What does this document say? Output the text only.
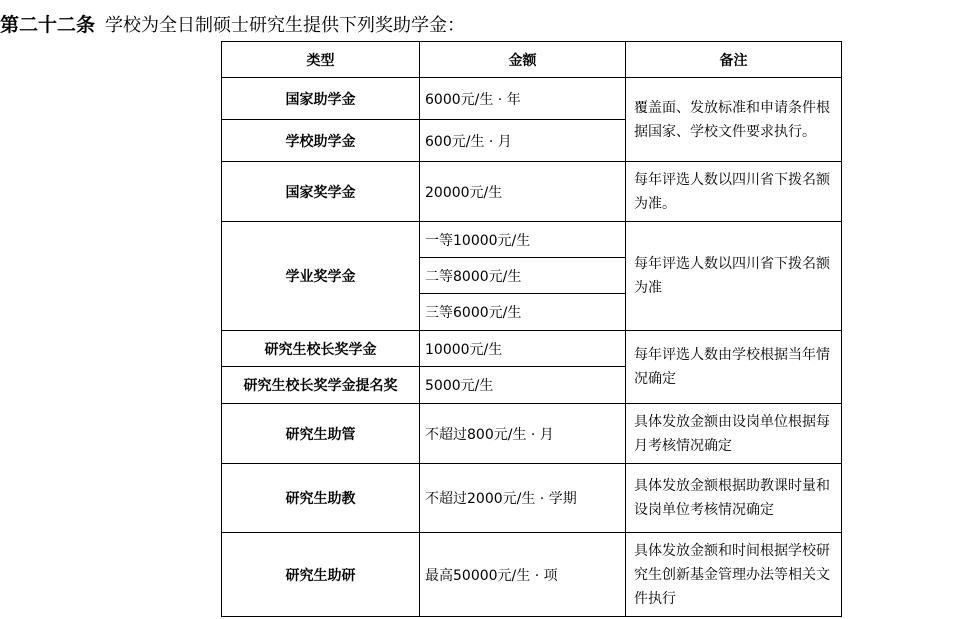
第二十二条 学校为全日制硕士研究生提供下列奖助学金：
类型	金额	备注
国家助学金	6000元/生 · 年	覆盖面、发放标准和申请条件根据国家、学校文件要求执行。
学校助学金	600元/生 · 月	
国家奖学金	20000元/生	每年评选人数以四川省下拨名额为准。
学业奖学金	一等10000元/生	每年评选人数以四川省下拨名额为准
	二等8000元/生	
	三等6000元/生	
研究生校长奖学金	10000元/生	每年评选人数由学校根据当年情况确定
研究生校长奖学金提名奖	5000元/生	
研究生助管	不超过800元/生 · 月	具体发放金额由设岗单位根据每月考核情况确定
研究生助教	不超过2000元/生 · 学期	具体发放金额根据助教课时量和设岗单位考核情况确定
研究生助研	最高50000元/生 · 项	具体发放金额和时间根据学校研究生创新基金管理办法等相关文件执行
